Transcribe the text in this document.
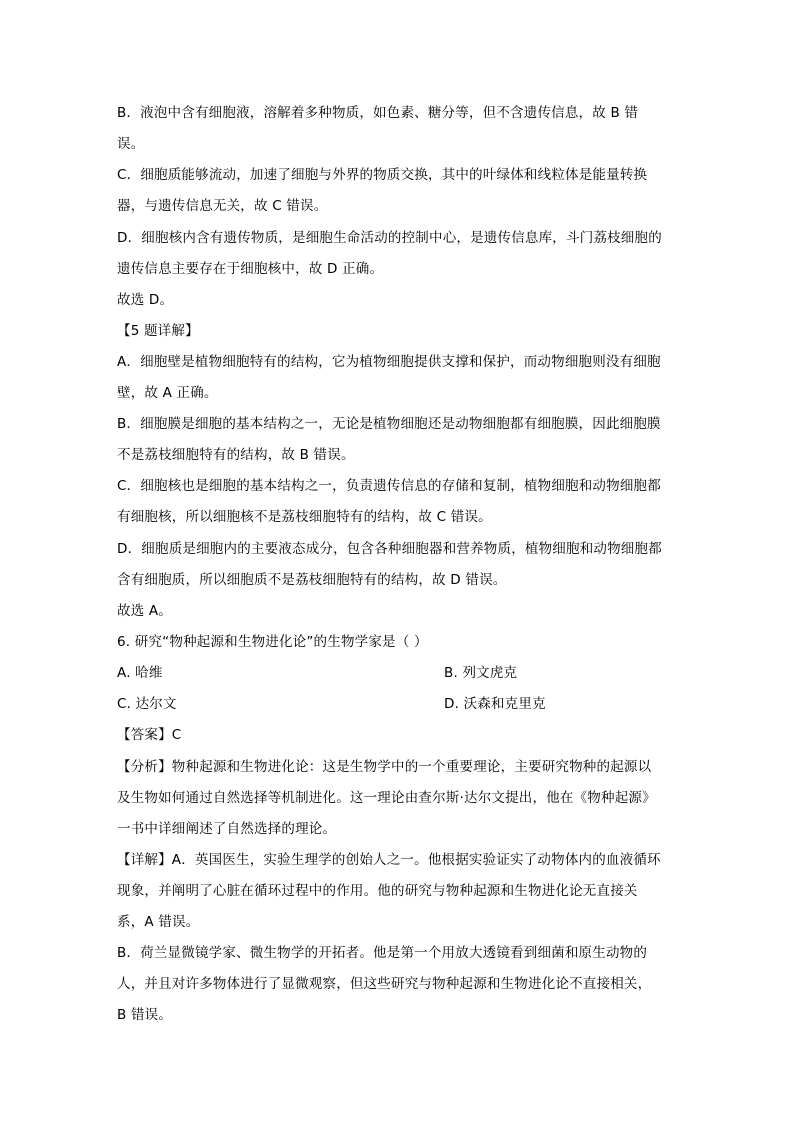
B．液泡中含有细胞液，溶解着多种物质，如色素、糖分等，但不含遗传信息，故 B 错
误。
C．细胞质能够流动，加速了细胞与外界的物质交换，其中的叶绿体和线粒体是能量转换
器，与遗传信息无关，故 C 错误。
D．细胞核内含有遗传物质，是细胞生命活动的控制中心，是遗传信息库，斗门荔枝细胞的
遗传信息主要存在于细胞核中，故 D 正确。
故选 D。
【5 题详解】
A．细胞壁是植物细胞特有的结构，它为植物细胞提供支撑和保护，而动物细胞则没有细胞
壁，故 A 正确。
B．细胞膜是细胞的基本结构之一，无论是植物细胞还是动物细胞都有细胞膜，因此细胞膜
不是荔枝细胞特有的结构，故 B 错误。
C．细胞核也是细胞的基本结构之一，负责遗传信息的存储和复制，植物细胞和动物细胞都
有细胞核，所以细胞核不是荔枝细胞特有的结构，故 C 错误。
D．细胞质是细胞内的主要液态成分，包含各种细胞器和营养物质，植物细胞和动物细胞都
含有细胞质，所以细胞质不是荔枝细胞特有的结构，故 D 错误。
故选 A。
6. 研究“物种起源和生物进化论”的生物学家是（ ）
A. 哈维	B. 列文虎克
C. 达尔文	D. 沃森和克里克
【答案】C
【分析】物种起源和生物进化论：这是生物学中的一个重要理论，主要研究物种的起源以
及生物如何通过自然选择等机制进化。这一理论由查尔斯·达尔文提出，他在《物种起源》
一书中详细阐述了自然选择的理论。
【详解】A．英国医生，实验生理学的创始人之一。他根据实验证实了动物体内的血液循环
现象，并阐明了心脏在循环过程中的作用。他的研究与物种起源和生物进化论无直接关
系，A 错误。
B．荷兰显微镜学家、微生物学的开拓者。他是第一个用放大透镜看到细菌和原生动物的
人，并且对许多物体进行了显微观察，但这些研究与物种起源和生物进化论不直接相关，
B 错误。
